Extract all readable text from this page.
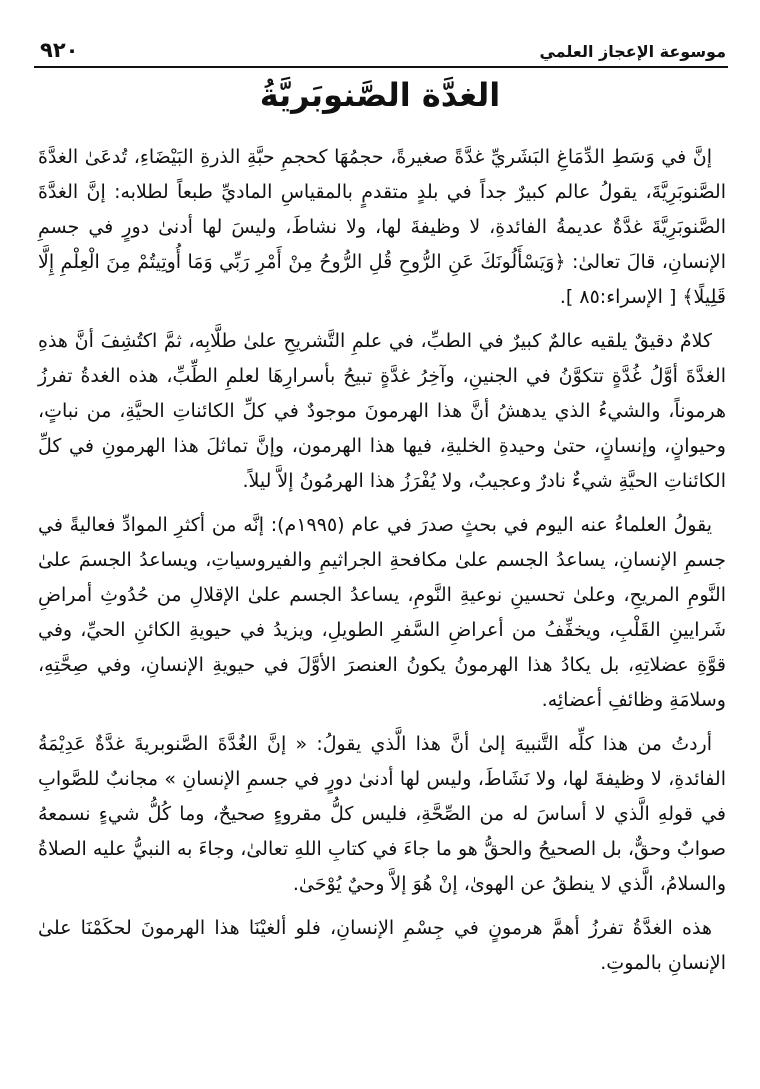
موسوعة الإعجاز العلمي
٩٢٠
الغدَّة الصَّنوبَريَّةُ

إنَّ في وَسَطِ الدِّمَاغِ البَشَريِّ غدَّةً صغيرةً، حجمُهَا كحجمِ حبَّةِ الذرةِ البَيْضَاءِ، تُدعَىٰ الغدَّةَ الصَّنوبَرِيَّةَ، يقولُ عالم كبيرٌ جداً في بلدٍ متقدمٍ بالمقياسِ الماديِّ طبعاً لطلابه: إنَّ الغدَّةَ الصَّنوبَرِيَّةَ غدَّةٌ عديمةُ الفائدةِ، لا وظيفةَ لها، ولا نشاطَ، وليسَ لها أدنىٰ دورٍ في جسمِ الإنسانِ، قالَ تعالىٰ: ﴿وَيَسْأَلُونَكَ عَنِ الرُّوحِ قُلِ الرُّوحُ مِنْ أَمْرِ رَبِّي وَمَا أُوتِيتُمْ مِنَ الْعِلْمِ إِلَّا قَلِيلًا﴾ [ الإسراء:٨٥ ].

كلامٌ دقيقٌ يلقيه عالمٌ كبيرٌ في الطبِّ، في علمِ التَّشريحِ علىٰ طلَّابِه، ثمَّ اكتُشِفَ أنَّ هذهِ الغدَّةَ أوَّلُ غُدَّةٍ تتكوَّنُ في الجنينِ، وآخِرُ غدَّةٍ تبيحُ بأسرارِهَا لعلمِ الطِّبِّ، هذه الغدةُ تفرزُ هرموناً، والشيءُ الذي يدهشُ أنَّ هذا الهرمونَ موجودٌ في كلِّ الكائناتِ الحيَّةِ، من نباتٍ، وحيوانٍ، وإنسانٍ، حتىٰ وحيدةِ الخليةِ، فيها هذا الهرمون، وإنَّ تماثلَ هذا الهرمونِ في كلِّ الكائناتِ الحيَّةِ شيءٌ نادرٌ وعجيبٌ، ولا يُفْرَزُ هذا الهرمُونُ إلاَّ ليلاً.

يقولُ العلماءُ عنه اليوم في بحثٍ صدرَ في عام (١٩٩٥م): إنَّه من أكثرِ الموادِّ فعاليةً في جسمِ الإنسانِ، يساعدُ الجسم علىٰ مكافحةِ الجراثيمِ والفيروسياتِ، ويساعدُ الجسمَ علىٰ النَّومِ المريحِ، وعلىٰ تحسينِ نوعيةِ النَّومِ، يساعدُ الجسم علىٰ الإقلالِ من حُدُوثِ أمراضِ شَرايينِ القَلْبِ، ويخفِّفُ من أعراضِ السَّفرِ الطويلِ، ويزيدُ في حيويةِ الكائنِ الحيِّ، وفي قوَّةِ عضلاتِهِ، بل يكادُ هذا الهرمونُ يكونُ العنصرَ الأوَّلَ في حيويةِ الإنسانِ، وفي صِحَّتِهِ، وسلامَةِ وظائفِ أعضائِه.

أردتُ من هذا كلِّه التَّنبيهَ إلىٰ أنَّ هذا الَّذي يقولُ: « إنَّ الغُدَّةَ الصَّنوبريةَ غدَّةٌ عَدِيْمَةُ الفائدةِ، لا وظيفةَ لها، ولا نَشَاطَ، وليس لها أدنىٰ دورٍ في جسمِ الإنسانِ » مجانبٌ للصَّوابِ في قولهِ الَّذي لا أساسَ له من الصِّحَّةِ، فليس كلُّ مقروءٍ صحيحٌ، وما كُلُّ شيءٍ نسمعهُ صوابٌ وحقٌّ، بل الصحيحُ والحقُّ هو ما جاءَ في كتابِ اللهِ تعالىٰ، وجاءَ به النبيُّ عليه الصلاةُ والسلامُ، الَّذي لا ينطقُ عن الهوىٰ، إنْ هُوَ إلاَّ وحيٌ يُوْحَىٰ.

هذه الغدَّةُ تفرزُ أهمَّ هرمونٍ في جِسْمِ الإنسانِ، فلو ألغيْنَا هذا الهرمونَ لحكَمْنَا علىٰ الإنسانِ بالموتِ.
